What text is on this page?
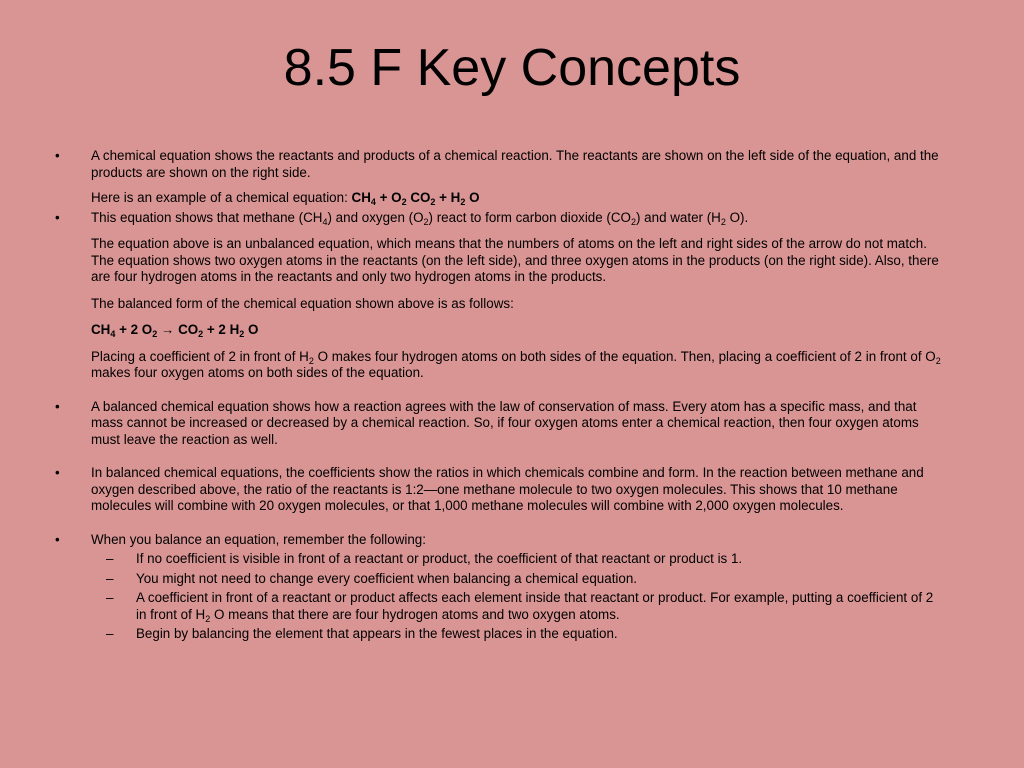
8.5 F Key Concepts
• A chemical equation shows the reactants and products of a chemical reaction. The reactants are shown on the left side of the equation, and the products are shown on the right side.
Here is an example of a chemical equation: $CH_4 + O_2$ $CO_2 + H_2$ O
• This equation shows that methane $(CH_4)$ and oxygen $(O_2)$ react to form carbon dioxide $(CO_2)$ and water ($H_2$ O).
The equation above is an unbalanced equation, which means that the numbers of atoms on the left and right sides of the arrow do not match. The equation shows two oxygen atoms in the reactants (on the left side), and three oxygen atoms in the products (on the right side). Also, there are four hydrogen atoms in the reactants and only two hydrogen atoms in the products.
The balanced form of the chemical equation shown above is as follows:
$CH_4 + 2$ $O_2 \to CO_2 + 2$ $H_2$ O
Placing a coefficient of 2 in front of $H_2$ O makes four hydrogen atoms on both sides of the equation. Then, placing a coefficient of 2 in front of $O_2$ makes four oxygen atoms on both sides of the equation.
• A balanced chemical equation shows how a reaction agrees with the law of conservation of mass. Every atom has a specific mass, and that mass cannot be increased or decreased by a chemical reaction. So, if four oxygen atoms enter a chemical reaction, then four oxygen atoms must leave the reaction as well.
• In balanced chemical equations, the coefficients show the ratios in which chemicals combine and form. In the reaction between methane and oxygen described above, the ratio of the reactants is 1:2—one methane molecule to two oxygen molecules. This shows that 10 methane molecules will combine with 20 oxygen molecules, or that 1,000 methane molecules will combine with 2,000 oxygen molecules.
• When you balance an equation, remember the following:
– If no coefficient is visible in front of a reactant or product, the coefficient of that reactant or product is 1.
– You might not need to change every coefficient when balancing a chemical equation.
– A coefficient in front of a reactant or product affects each element inside that reactant or product. For example, putting a coefficient of 2 in front of $H_2$ O means that there are four hydrogen atoms and two oxygen atoms.
– Begin by balancing the element that appears in the fewest places in the equation.
